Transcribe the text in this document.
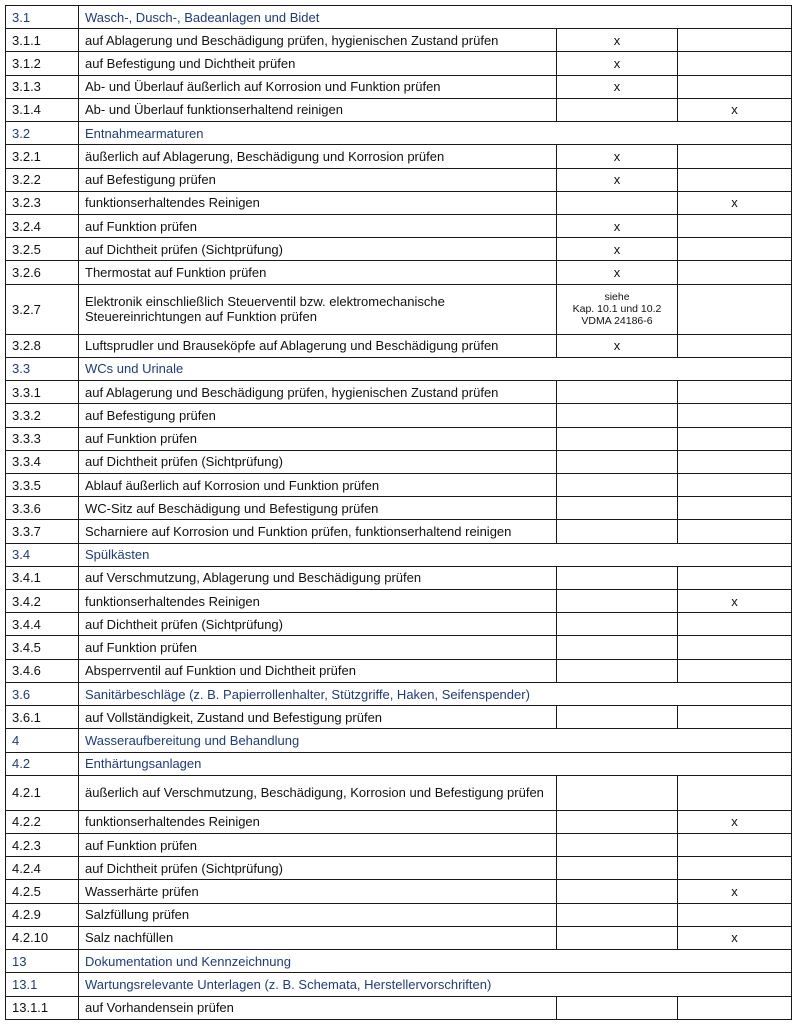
3.1	Wasch-, Dusch-, Badeanlagen und Bidet		
3.1.1	auf Ablagerung und Beschädigung prüfen, hygienischen Zustand prüfen	x	
3.1.2	auf Befestigung und Dichtheit prüfen	x	
3.1.3	Ab- und Überlauf äußerlich auf Korrosion und Funktion prüfen	x	
3.1.4	Ab- und Überlauf funktionserhaltend reinigen		x
3.2	Entnahmearmaturen		
3.2.1	äußerlich auf Ablagerung, Beschädigung und Korrosion prüfen	x	
3.2.2	auf Befestigung prüfen	x	
3.2.3	funktionserhaltendes Reinigen		x
3.2.4	auf Funktion prüfen	x	
3.2.5	auf Dichtheit prüfen (Sichtprüfung)	x	
3.2.6	Thermostat auf Funktion prüfen	x	
3.2.7	Elektronik einschließlich Steuerventil bzw. elektromechanische Steuereinrichtungen auf Funktion prüfen	siehe
Kap. 10.1 und 10.2
VDMA 24186-6	

3.2.8	Luftsprudler und Brauseköpfe auf Ablagerung und Beschädigung prüfen	x	
3.3	WCs und Urinale		
3.3.1	auf Ablagerung und Beschädigung prüfen, hygienischen Zustand prüfen		
3.3.2	auf Befestigung prüfen		
3.3.3	auf Funktion prüfen		
3.3.4	auf Dichtheit prüfen (Sichtprüfung)		
3.3.5	Ablauf äußerlich auf Korrosion und Funktion prüfen		
3.3.6	WC-Sitz auf Beschädigung und Befestigung prüfen		
3.3.7	Scharniere auf Korrosion und Funktion prüfen, funktionserhaltend reinigen		
3.4	Spülkästen		
3.4.1	auf Verschmutzung, Ablagerung und Beschädigung prüfen		
3.4.2	funktionserhaltendes Reinigen		x
3.4.4	auf Dichtheit prüfen (Sichtprüfung)		
3.4.5	auf Funktion prüfen		
3.4.6	Absperrventil auf Funktion und Dichtheit prüfen		
3.6	Sanitärbeschläge (z. B. Papierrollenhalter, Stützgriffe, Haken, Seifenspender)		
3.6.1	auf Vollständigkeit, Zustand und Befestigung prüfen		
4	Wasseraufbereitung und Behandlung		
4.2	Enthärtungsanlagen		
4.2.1	äußerlich auf Verschmutzung, Beschädigung, Korrosion und Befestigung prüfen		
4.2.2	funktionserhaltendes Reinigen		x
4.2.3	auf Funktion prüfen		
4.2.4	auf Dichtheit prüfen (Sichtprüfung)		
4.2.5	Wasserhärte prüfen		x
4.2.9	Salzfüllung prüfen		
4.2.10	Salz nachfüllen		x
13	Dokumentation und Kennzeichnung		
13.1	Wartungsrelevante Unterlagen (z. B. Schemata, Herstellervorschriften)		
13.1.1	auf Vorhandensein prüfen		
